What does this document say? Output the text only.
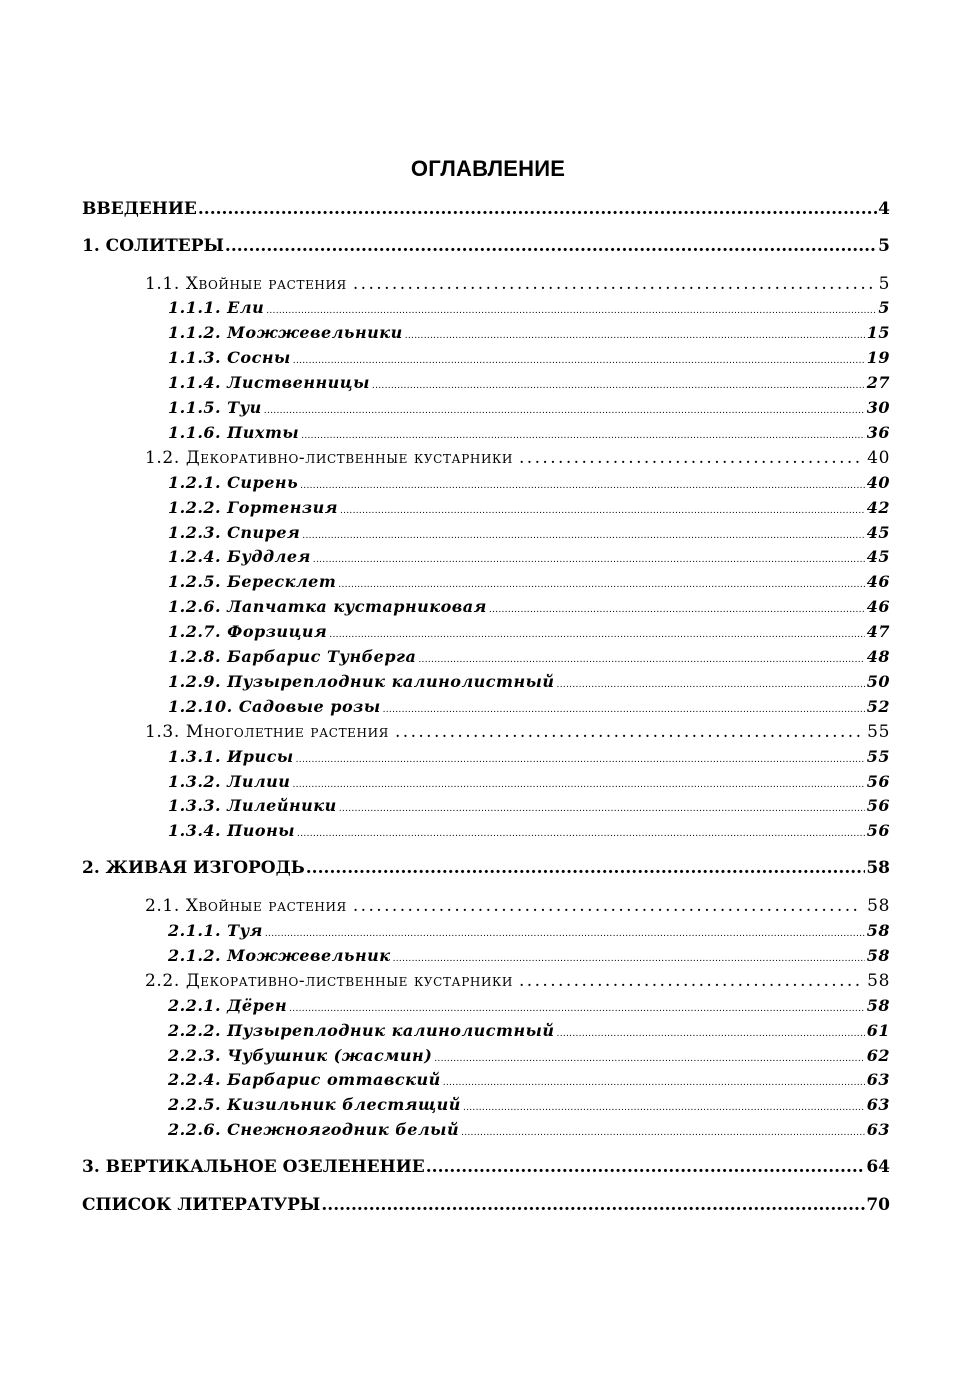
ОГЛАВЛЕНИЕ
ВВЕДЕНИЕ .....	4
1. СОЛИТЕРЫ .....	5
1.1. Хвойные растения . . .	5
1.1.1. Ели .....	5
1.1.2. Можжевельники .....	15
1.1.3. Сосны .....	19
1.1.4. Лиственницы .....	27
1.1.5. Туи .....	30
1.1.6. Пихты .....	36
1.2. Декоративно-лиственные кустарники . . .	40
1.2.1. Сирень .....	40
1.2.2. Гортензия .....	42
1.2.3. Спирея .....	45
1.2.4. Буддлея .....	45
1.2.5. Бересклет .....	46
1.2.6. Лапчатка кустарниковая .....	46
1.2.7. Форзиция .....	47
1.2.8. Барбарис Тунберга .....	48
1.2.9. Пузыреплодник калинолистный .....	50
1.2.10. Садовые розы .....	52
1.3. Многолетние растения . . .	55
1.3.1. Ирисы .....	55
1.3.2. Лилии .....	56
1.3.3. Лилейники .....	56
1.3.4. Пионы .....	56
2. ЖИВАЯ ИЗГОРОДЬ .....	58
2.1. Хвойные растения . . .	58
2.1.1. Туя .....	58
2.1.2. Можжевельник .....	58
2.2. Декоративно-лиственные кустарники . . .	58
2.2.1. Дёрен .....	58
2.2.2. Пузыреплодник калинолистный .....	61
2.2.3. Чубушник (жасмин) .....	62
2.2.4. Барбарис оттавский .....	63
2.2.5. Кизильник блестящий .....	63
2.2.6. Снежноягодник белый .....	63
3. ВЕРТИКАЛЬНОЕ ОЗЕЛЕНЕНИЕ .....	64
СПИСОК ЛИТЕРАТУРЫ .....	70
